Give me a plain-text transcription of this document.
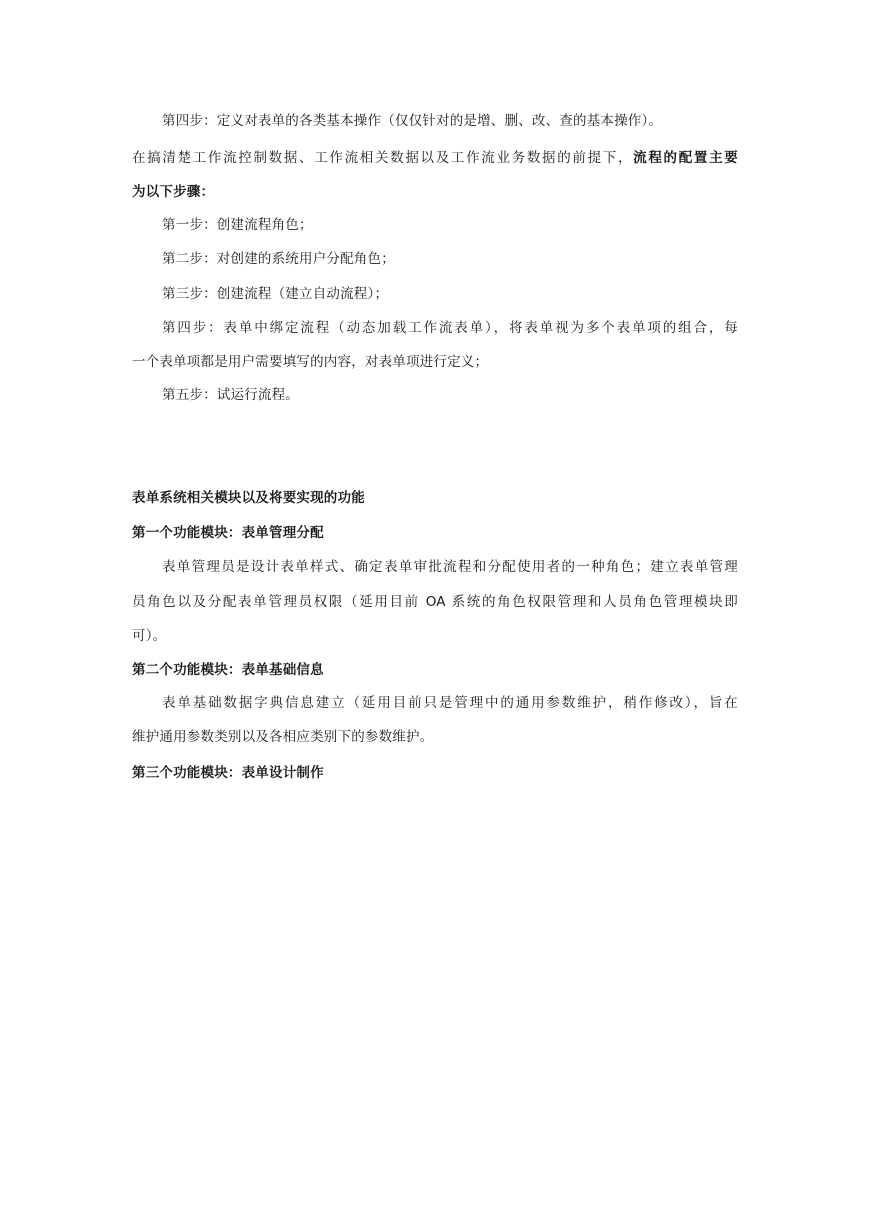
第四步：定义对表单的各类基本操作（仅仅针对的是增、删、改、查的基本操作）。
在搞清楚工作流控制数据、工作流相关数据以及工作流业务数据的前提下，流程的配置主要
为以下步骤：
第一步：创建流程角色；
第二步：对创建的系统用户分配角色；
第三步：创建流程（建立自动流程）；
第四步：表单中绑定流程（动态加载工作流表单），将表单视为多个表单项的组合，每
一个表单项都是用户需要填写的内容，对表单项进行定义；
第五步：试运行流程。
表单系统相关模块以及将要实现的功能
第一个功能模块：表单管理分配
表单管理员是设计表单样式、确定表单审批流程和分配使用者的一种角色；建立表单管理
员角色以及分配表单管理员权限（延用目前 OA 系统的角色权限管理和人员角色管理模块即
可）。
第二个功能模块：表单基础信息
表单基础数据字典信息建立（延用目前只是管理中的通用参数维护，稍作修改），旨在
维护通用参数类别以及各相应类别下的参数维护。
第三个功能模块：表单设计制作
